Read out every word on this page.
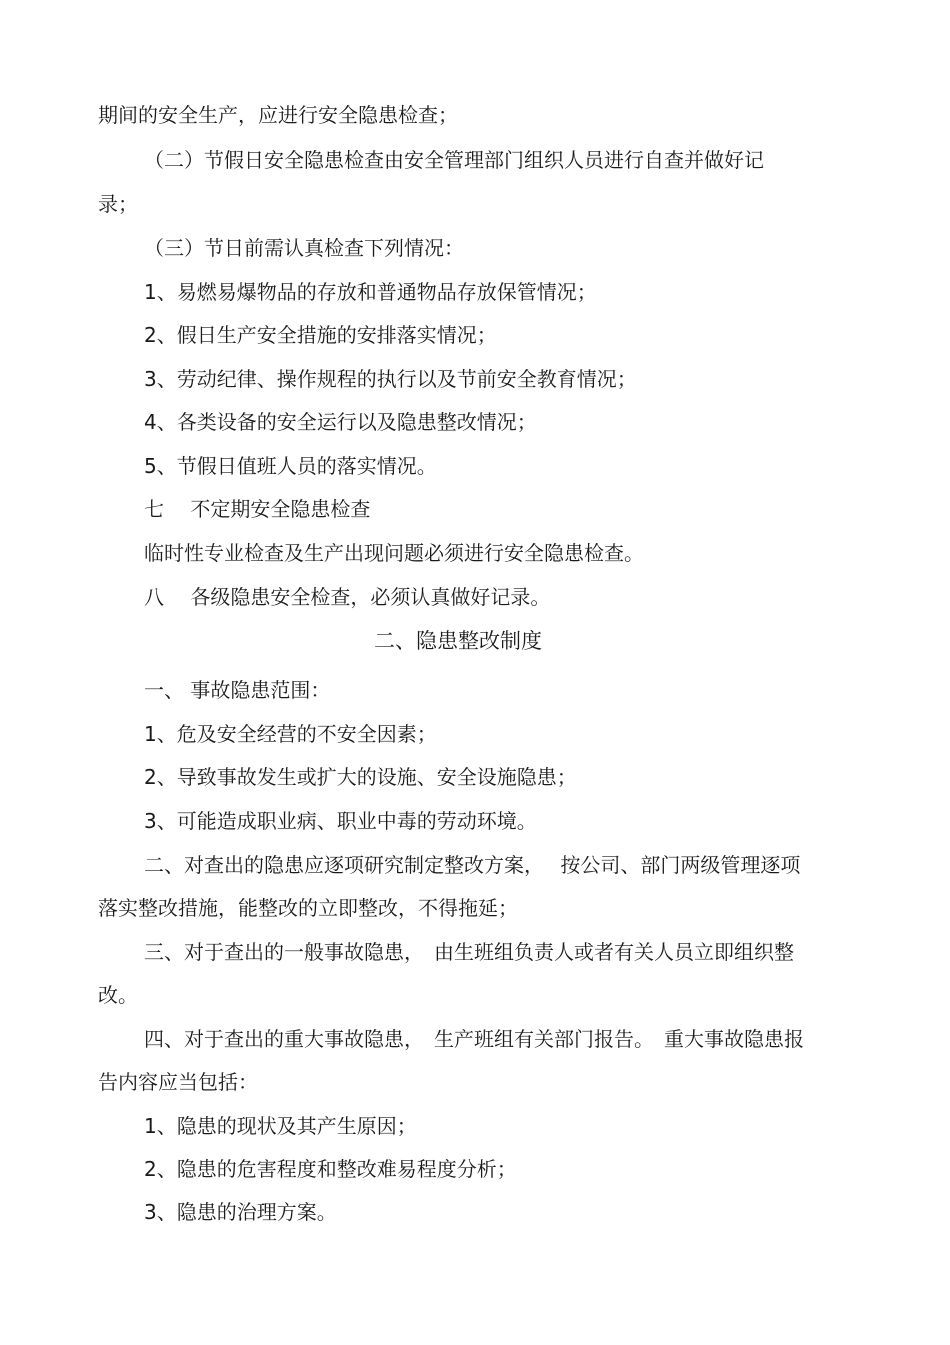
期间的安全生产，应进行安全隐患检查；
（二）节假日安全隐患检查由安全管理部门组织人员进行自查并做好记
录；
（三）节日前需认真检查下列情况：
1、易燃易爆物品的存放和普通物品存放保管情况；
2、假日生产安全措施的安排落实情况；
3、劳动纪律、操作规程的执行以及节前安全教育情况；
4、各类设备的安全运行以及隐患整改情况；
5、节假日值班人员的落实情况。
七　 不定期安全隐患检查
临时性专业检查及生产出现问题必须进行安全隐患检查。
八　 各级隐患安全检查，必须认真做好记录。
二、隐患整改制度
一、 事故隐患范围：
1、危及安全经营的不安全因素；
2、导致事故发生或扩大的设施、安全设施隐患；
3、可能造成职业病、职业中毒的劳动环境。
二、对查出的隐患应逐项研究制定整改方案，　 按公司、部门两级管理逐项
落实整改措施，能整改的立即整改，不得拖延；
三、对于查出的一般事故隐患，　由生班组负责人或者有关人员立即组织整
改。
四、对于查出的重大事故隐患，　生产班组有关部门报告。　重大事故隐患报
告内容应当包括：
1、隐患的现状及其产生原因；
2、隐患的危害程度和整改难易程度分析；
3、隐患的治理方案。
